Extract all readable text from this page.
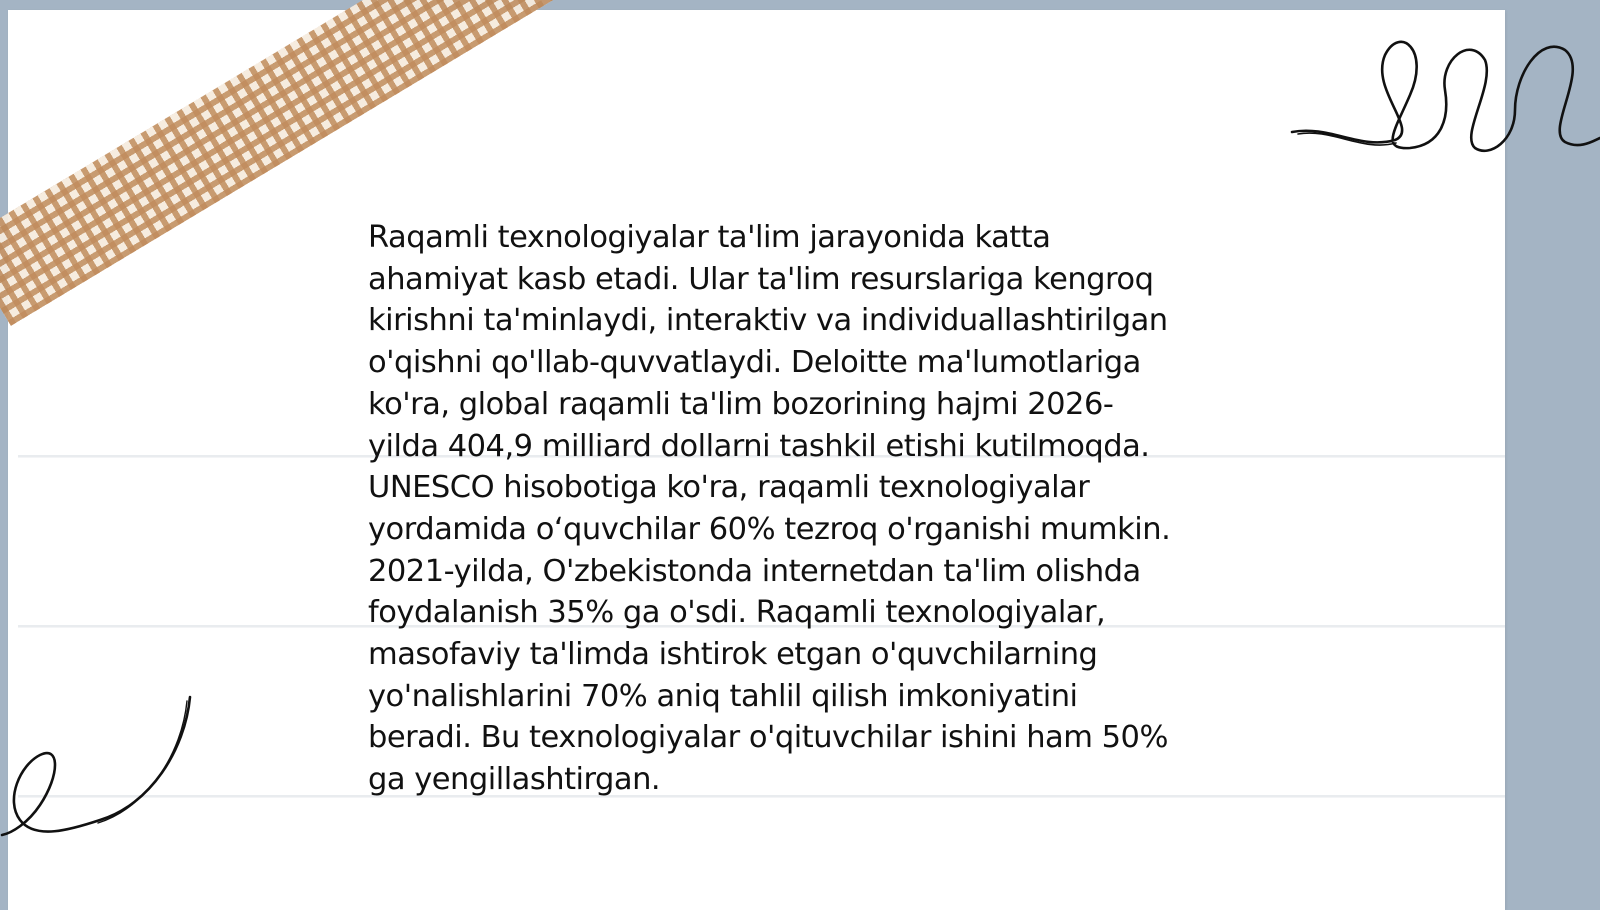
Raqamli texnologiyalar ta'lim jarayonida katta
ahamiyat kasb etadi. Ular ta'lim resurslariga kengroq
kirishni ta'minlaydi, interaktiv va individuallashtirilgan
o'qishni qo'llab-quvvatlaydi. Deloitte ma'lumotlariga
ko'ra, global raqamli ta'lim bozorining hajmi 2026-
yilda 404,9 milliard dollarni tashkil etishi kutilmoqda.
UNESCO hisobotiga ko'ra, raqamli texnologiyalar
yordamida o‘quvchilar 60% tezroq o'rganishi mumkin.
2021-yilda, O'zbekistonda internetdan ta'lim olishda
foydalanish 35% ga o'sdi. Raqamli texnologiyalar,
masofaviy ta'limda ishtirok etgan o'quvchilarning
yo'nalishlarini 70% aniq tahlil qilish imkoniyatini
beradi. Bu texnologiyalar o'qituvchilar ishini ham 50%
ga yengillashtirgan.
